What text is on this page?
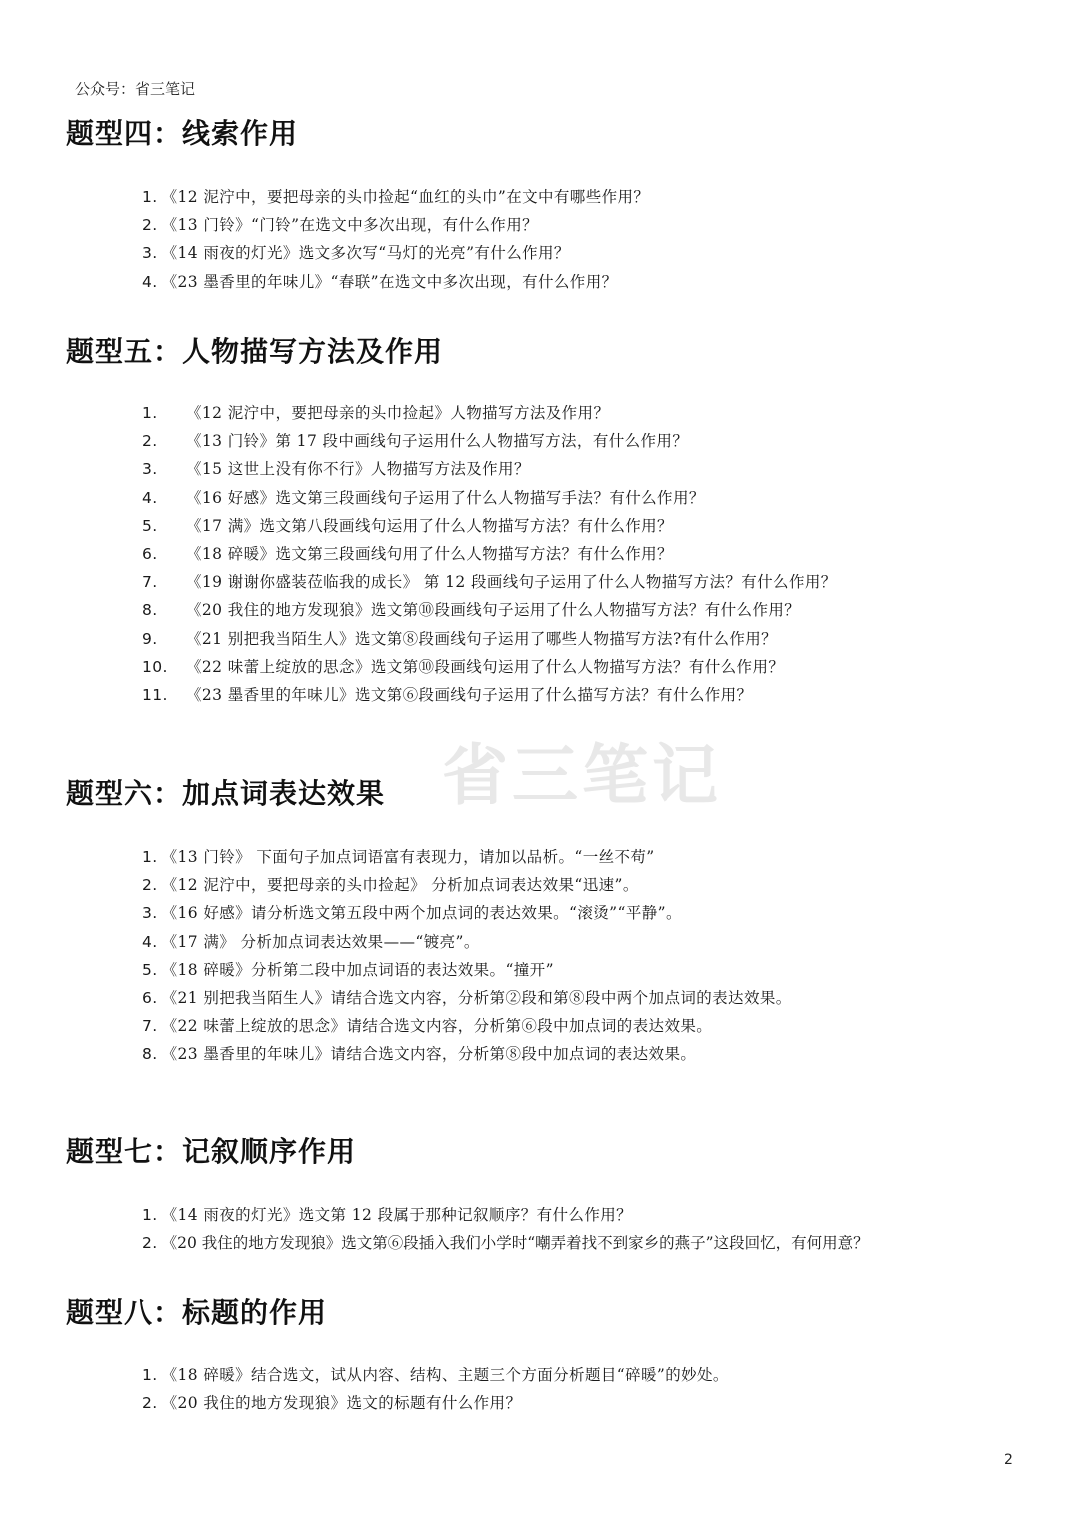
公众号：省三笔记
省三笔记
题型四：线索作用
1. 《12 泥泞中，要把母亲的头巾捡起“血红的头巾”在文中有哪些作用？
2. 《13 门铃》“门铃”在选文中多次出现，有什么作用？
3. 《14 雨夜的灯光》选文多次写“马灯的光亮”有什么作用？
4. 《23 墨香里的年味儿》“春联”在选文中多次出现，有什么作用？
题型五：人物描写方法及作用
1. 《12 泥泞中，要把母亲的头巾捡起》人物描写方法及作用？
2. 《13 门铃》第 17 段中画线句子运用什么人物描写方法，有什么作用？
3. 《15 这世上没有你不行》人物描写方法及作用？
4. 《16 好感》选文第三段画线句子运用了什么人物描写手法？有什么作用？
5. 《17 满》选文第八段画线句运用了什么人物描写方法？有什么作用？
6. 《18 碎暖》选文第三段画线句用了什么人物描写方法？有什么作用？
7. 《19 谢谢你盛装莅临我的成长》 第 12 段画线句子运用了什么人物描写方法？有什么作用？
8. 《20 我住的地方发现狼》选文第⑩段画线句子运用了什么人物描写方法？有什么作用？
9. 《21 别把我当陌生人》选文第⑧段画线句子运用了哪些人物描写方法?有什么作用？
10. 《22 味蕾上绽放的思念》选文第⑩段画线句运用了什么人物描写方法？有什么作用？
11. 《23 墨香里的年味儿》选文第⑥段画线句子运用了什么描写方法？有什么作用？
题型六：加点词表达效果
1. 《13 门铃》 下面句子加点词语富有表现力，请加以品析。“一丝不苟”
2. 《12 泥泞中，要把母亲的头巾捡起》 分析加点词表达效果“迅速”。
3. 《16 好感》请分析选文第五段中两个加点词的表达效果。“滚烫”“平静”。
4. 《17 满》 分析加点词表达效果——“镀亮”。
5. 《18 碎暖》分析第二段中加点词语的表达效果。“撞开”
6. 《21 别把我当陌生人》请结合选文内容，分析第②段和第⑧段中两个加点词的表达效果。
7. 《22 味蕾上绽放的思念》请结合选文内容，分析第⑥段中加点词的表达效果。
8. 《23 墨香里的年味儿》请结合选文内容，分析第⑧段中加点词的表达效果。
题型七：记叙顺序作用
1. 《14 雨夜的灯光》选文第 12 段属于那种记叙顺序？有什么作用？
2. 《20 我住的地方发现狼》选文第⑥段插入我们小学时“嘲弄着找不到家乡的燕子”这段回忆，有何用意？
题型八：标题的作用
1. 《18 碎暖》结合选文，试从内容、结构、主题三个方面分析题目“碎暖”的妙处。
2. 《20 我住的地方发现狼》选文的标题有什么作用？
2
